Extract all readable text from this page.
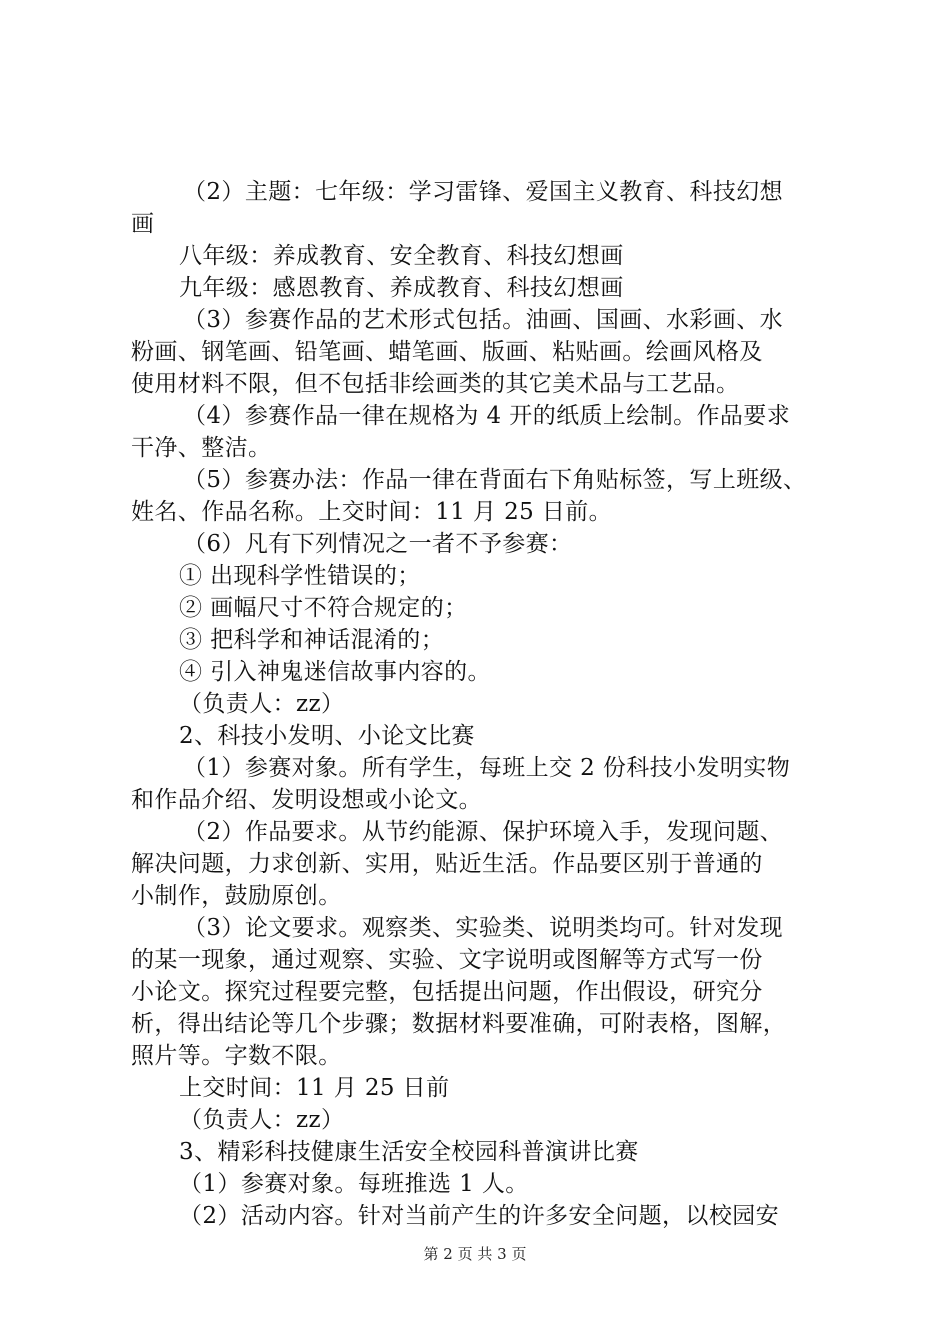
（2）主题：七年级：学习雷锋、爱国主义教育、科技幻想
画
八年级：养成教育、安全教育、科技幻想画
九年级：感恩教育、养成教育、科技幻想画
（3）参赛作品的艺术形式包括。油画、国画、水彩画、水
粉画、钢笔画、铅笔画、蜡笔画、版画、粘贴画。绘画风格及
使用材料不限，但不包括非绘画类的其它美术品与工艺品。
（4）参赛作品一律在规格为 4 开的纸质上绘制。作品要求
干净、整洁。
（5）参赛办法：作品一律在背面右下角贴标签，写上班级、
姓名、作品名称。上交时间：11 月 25 日前。
（6）凡有下列情况之一者不予参赛：
① 出现科学性错误的；
② 画幅尺寸不符合规定的；
③ 把科学和神话混淆的；
④ 引入神鬼迷信故事内容的。
（负责人：zz）
2、科技小发明、小论文比赛
（1）参赛对象。所有学生，每班上交 2 份科技小发明实物
和作品介绍、发明设想或小论文。
（2）作品要求。从节约能源、保护环境入手，发现问题、
解决问题，力求创新、实用，贴近生活。作品要区别于普通的
小制作，鼓励原创。
（3）论文要求。观察类、实验类、说明类均可。针对发现
的某一现象，通过观察、实验、文字说明或图解等方式写一份
小论文。探究过程要完整，包括提出问题，作出假设，研究分
析，得出结论等几个步骤；数据材料要准确，可附表格，图解，
照片等。字数不限。
上交时间：11 月 25 日前
（负责人：zz）
3、精彩科技健康生活安全校园科普演讲比赛
（1）参赛对象。每班推选 1 人。
（2）活动内容。针对当前产生的许多安全问题，以校园安
第 2 页 共 3 页
